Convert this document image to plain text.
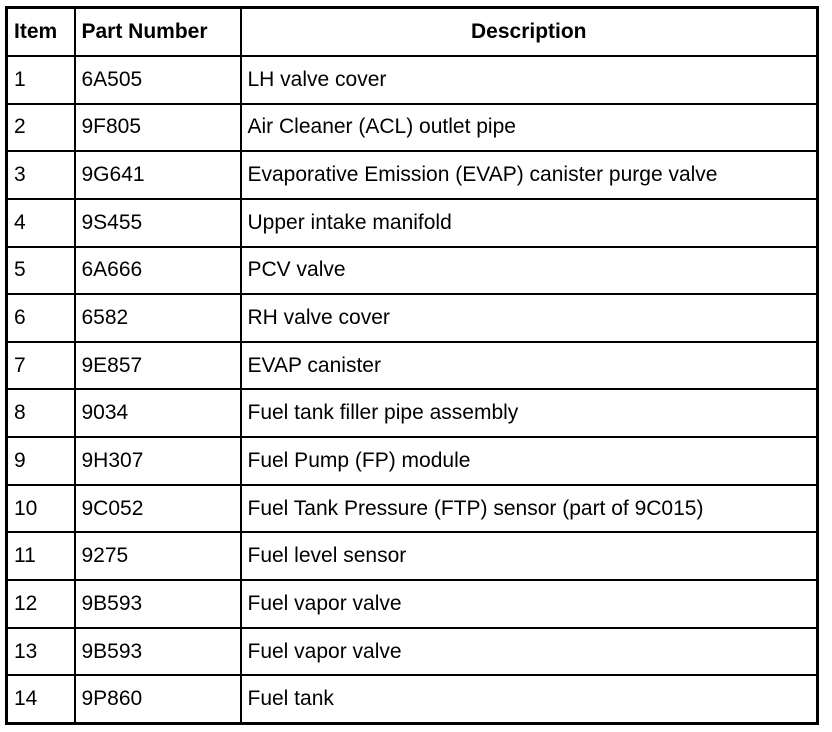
Item	Part Number	Description
1	6A505	LH valve cover
2	9F805	Air Cleaner (ACL) outlet pipe
3	9G641	Evaporative Emission (EVAP) canister purge valve
4	9S455	Upper intake manifold
5	6A666	PCV valve
6	6582	RH valve cover
7	9E857	EVAP canister
8	9034	Fuel tank filler pipe assembly
9	9H307	Fuel Pump (FP) module
10	9C052	Fuel Tank Pressure (FTP) sensor (part of 9C015)
11	9275	Fuel level sensor
12	9B593	Fuel vapor valve
13	9B593	Fuel vapor valve
14	9P860	Fuel tank
